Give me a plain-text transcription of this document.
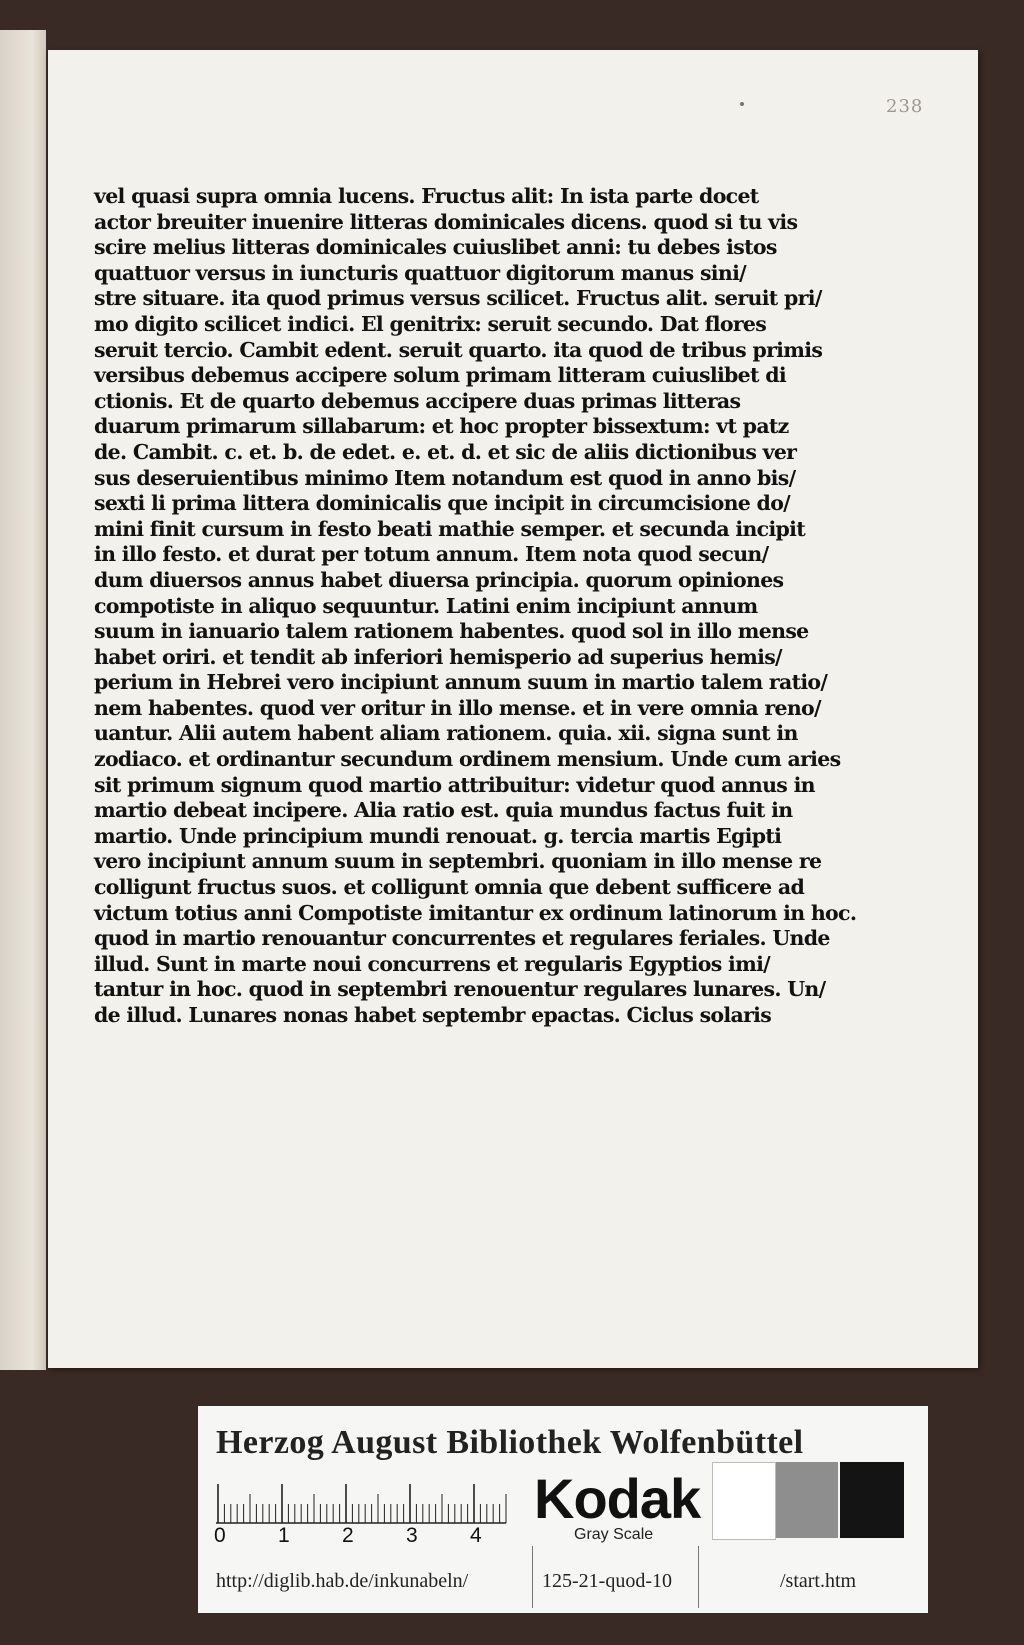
238
vel quasi supra omnia lucens. Fructus alit: In ista parte docet
actor breuiter inuenire litteras dominicales dicens. quod si tu vis
scire melius litteras dominicales cuiuslibet anni: tu debes istos
quattuor versus in iuncturis quattuor digitorum manus sini/
stre situare. ita quod primus versus scilicet. Fructus alit. seruit pri/
mo digito scilicet indici. El genitrix: seruit secundo. Dat flores
seruit tercio. Cambit edent. seruit quarto. ita quod de tribus primis
versibus debemus accipere solum primam litteram cuiuslibet di
ctionis. Et de quarto debemus accipere duas primas litteras
duarum primarum sillabarum: et hoc propter bissextum: vt patz
de. Cambit. c. et. b. de edet. e. et. d. et sic de aliis dictionibus ver
sus deseruientibus minimo Item notandum est quod in anno bis/
sexti li prima littera dominicalis que incipit in circumcisione do/
mini finit cursum in festo beati mathie semper. et secunda incipit
in illo festo. et durat per totum annum. Item nota quod secun/
dum diuersos annus habet diuersa principia. quorum opiniones
compotiste in aliquo sequuntur. Latini enim incipiunt annum
suum in ianuario talem rationem habentes. quod sol in illo mense
habet oriri. et tendit ab inferiori hemisperio ad superius hemis/
perium in Hebrei vero incipiunt annum suum in martio talem ratio/
nem habentes. quod ver oritur in illo mense. et in vere omnia reno/
uantur. Alii autem habent aliam rationem. quia. xii. signa sunt in
zodiaco. et ordinantur secundum ordinem mensium. Unde cum aries
sit primum signum quod martio attribuitur: videtur quod annus in
martio debeat incipere. Alia ratio est. quia mundus factus fuit in
martio. Unde principium mundi renouat. g. tercia martis Egipti
vero incipiunt annum suum in septembri. quoniam in illo mense re
colligunt fructus suos. et colligunt omnia que debent sufficere ad
victum totius anni Compotiste imitantur ex ordinum latinorum in hoc.
quod in martio renouantur concurrentes et regulares feriales. Unde
illud. Sunt in marte noui concurrens et regularis Egyptios imi/
tantur in hoc. quod in septembri renouentur regulares lunares. Un/
de illud. Lunares nonas habet septembr epactas. Ciclus solaris
Herzog August Bibliothek Wolfenbüttel
0 1 2 3 4
Kodak
Gray Scale
http://diglib.hab.de/inkunabeln/	125-21-quod-10	/start.htm
